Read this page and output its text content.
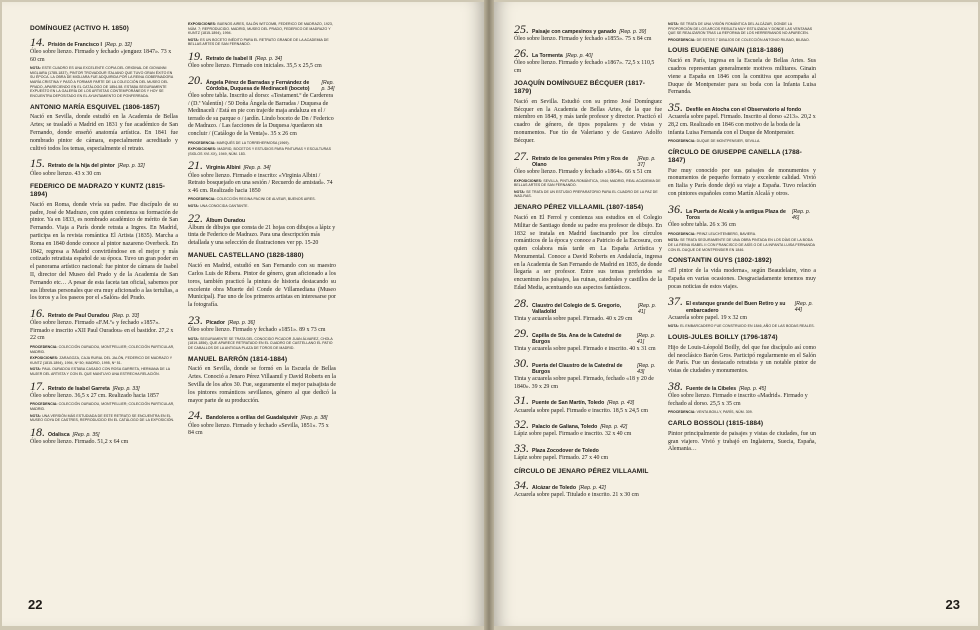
DOMÍNGUEZ (ACTIVO H. 1850)
14. Prisión de Francisco I [Rep. p. 32]
Óleo sobre lienzo. Firmado y fechado «jenguez 1847». 73 x 60 cm
NOTA: ESTE CUADRO ES UNA EXCELENTE COPIA DEL ORIGINAL DE GIOVANNI MIGLIARA (1785-1837), PINTOR TROVADOUR ITALIANO QUE TUVO GRAN ÉXITO EN SU ÉPOCA. LA OBRA DE MIGLIARA FUE ADQUIRIDA POR LA REINA GOBERNADORA MARÍA CRISTINA Y PASÓ A FORMAR PARTE DE LA COLECCIÓN DEL MUSEO DEL PRADO, APARECIENDO EN EL CATÁLOGO DE 1854-58. ESTABA SEGURAMENTE EXPUESTO EN LA GALERÍA DE LOS ARTISTAS CONTEMPORÁNEOS Y HOY SE ENCUENTRA DEPOSITADO EN EL AYUNTAMIENTO DE PONFERRADA.
ANTONIO MARÍA ESQUIVEL (1806-1857)

Nació en Sevilla, donde estudió en la Academia de Bellas Artes; se trasladó a Madrid en 1831 y fue académico de San Fernando, donde enseñó anatomía artística. En 1841 fue nombrado pintor de cámara, especialmente acreditado y cultivó todos los temas, especialmente el retrato.

15. Retrato de la hija del pintor [Rep. p. 32]
Óleo sobre lienzo. 43 x 30 cm
FEDERICO DE MADRAZO Y KUNTZ (1815-1894)

Nació en Roma, donde vivía su padre. Fue discípulo de su padre, José de Madrazo, con quien comienza su formación de pintor. Ya en 1833, es nombrado académico de mérito de San Fernando. Viaja a París donde retrata a Ingres. En Madrid, participa en la revista romántica El Artista (1835). Marcha a Roma en 1840 donde conoce al pintor nazareno Overbeck. En 1842, regresa a Madrid convirtiéndose en el mejor y más cotizado retratista español de su época. Tuvo un gran poder en el panorama artístico nacional: fue pintor de cámara de Isabel II, director del Museo del Prado y de la Academia de San Fernando etc… A pesar de esta faceta tan oficial, sabemos por sus libretas personales que era muy aficionado a las tertulias, a los toros y a los paseos por el «Salón» del Prado.

16. Retrato de Paul Ouradou [Rep. p. 33]
Óleo sobre lienzo. Firmado «F.M.º» y fechado «1857». Firmado e inscrito «XII Paul Ouradou» en el bastidor. 27,2 x 22 cm
PROCEDENCIA: COLECCIÓN OURADOU, MONTPELLIER; COLECCIÓN PARTICULAR, MADRID.
EXPOSICIONES: ZARAGOZA, CAJA RURAL DEL JALÓN, FEDERICO DE MADRAZO Y KUNTZ (1815-1894), 1994, Nº 50; MADRID, 1995, Nº 51.
NOTA: PAUL OURADOU ESTABA CASADO CON ROSA GARRETA, HERMANA DE LA MUJER DEL ARTISTA Y CON EL QUE MANTUVO UNA ESTRECHA RELACIÓN.
17. Retrato de Isabel Garreta [Rep. p. 33]
Óleo sobre lienzo. 36,5 x 27 cm. Realizado hacia 1857
PROCEDENCIA: COLECCIÓN OURADOU, MONTPELLIER; COLECCIÓN PARTICULAR, MADRID.
NOTA: UNA VERSIÓN MÁS ESTUDIADA DE ESTE RETRATO SE ENCUENTRA EN EL MUSEO GOYA DE CASTRES, REPRODUCIDO EN EL CATÁLOGO DE LA EXPOSICIÓN.
18. Odalisca [Rep. p. 35]
Óleo sobre lienzo. Firmado. 51,2 x 64 cm
EXPOSICIONES: BUENOS AIRES, SALÓN WITCOMB, FEDERICO DE MADRAZO, 1923, NÚM. 7; REPRODUCIDO. MADRID, MUSEO DEL PRADO, FEDERICO DE MADRAZO Y KUNTZ (1815-1894), 1994.
NOTA: ES UN BOCETO INÉDITO PARA EL RETRATO GRANDE DE LA ACADEMIA DE BELLAS ARTES DE SAN FERNANDO.
19. Retrato de Isabel II [Rep. p. 34]
Óleo sobre lienzo. Firmado con iniciales. 35,5 x 25,5 cm
20. Ángela Pérez de Barradas y Fernández de Córdoba, Duquesa de Medinaceli (boceto)
[Rep. p. 34]
Óleo sobre tabla. Inscrito al dorso: «Testament.º de Carderera / (D.ª Valentín) / 50 Doña Ángela de Barradas / Duquesa de Medinaceli / Está en pie con traje/de maja andaluza en el / terrado de su parque o / jardín. Lindo boceto de Dn / Federico de Madrazo. / Las facciones de la Duquesa /quedaron sin concluir / (Catálogo de la Venta)». 35 x 26 cm
PROCEDENCIA: MARQUÉS DE LA TORREHERMOSA (1969).
EXPOSICIONES: MADRID, BOCETOS Y ESTUDIOS PARA PINTURAS Y ESCULTURAS (SIGLOS XVI-XX), 1949, NÚM. 183.
21. Virginia Albini [Rep. p. 34]
Óleo sobre lienzo. Firmado e inscrito: «Virginia Albini / Retrato bosquejado en una sesión / Recuerdo de amistad». 74 x 46 cm. Realizado hacia 1850
PROCEDENCIA: COLECCIÓN REGINA PACINI DE ALVEAR, BUENOS AIRES.
NOTA: UNA CONOCIDA CANTANTE.
22. Álbum Ouradou
Álbum de dibujos que consta de 21 hojas con dibujos a lápiz y tinta de Federico de Madrazo. Para una descripción más detallada y una selección de ilustraciones ver pp. 15-20
MANUEL CASTELLANO (1828-1880)

Nació en Madrid, estudió en San Fernando con su maestro Carlos Luis de Ribera. Pintor de género, gran aficionado a los toros, también practicó la pintura de historia destacando su excelente obra Muerte del Conde de Villamediana (Museo Municipal). Fue uno de los primeros artistas en interesarse por la fotografía.

23. Picador [Rep. p. 36]
Óleo sobre lienzo. Firmado y fechado «1851». 89 x 73 cm
NOTA: SEGURAMENTE SE TRATA DEL CONOCIDO PICADOR JUAN ÁLVAREZ, CHOLA (1819-1856), QUE APARECE RETRATADO EN EL CUADRO DE CASTELLANO EL PATIO DE CABALLOS DE LA ANTIGUA PLAZA DE TOROS DE MADRID.
MANUEL BARRÓN (1814-1884)

Nació en Sevilla, donde se formó en la Escuela de Bellas Artes. Conoció a Jenaro Pérez Villaamil y David Roberts en la Sevilla de los años 30. Fue, seguramente el mejor paisajista de los pintores románticos sevillanos, género al que dedicó la mayor parte de su producción.

24. Bandoleros a orillas del Guadalquivir [Rep. p. 38]
Óleo sobre lienzo. Firmado y fechado «Sevilla, 1851». 75 x 84 cm
22
25. Paisaje con campesinos y ganado [Rep. p. 39]
Óleo sobre lienzo. Firmado y fechado «1855». 75 x 84 cm
26. La Tormenta [Rep. p. 40]
Óleo sobre lienzo. Firmado y fechado «1867». 72,5 x 110,5 cm
JOAQUÍN DOMÍNGUEZ BÉCQUER (1817-1879)

Nació en Sevilla. Estudió con su primo José Domínguez Bécquer en la Academia de Bellas Artes, de la que fue miembro en 1848, y más tarde profesor y director. Practicó el cuadro de género, de tipos populares y de vistas y monumentos. Fue tío de Valeriano y de Gustavo Adolfo Bécquer.

27. Retrato de los generales Prim y Ros de Olano
[Rep. p. 37]
Óleo sobre lienzo. Firmado y fechado «1864». 66 x 51 cm
EXPOSICIONES: SEVILLA, PINTURA ROMÁNTICA, 1944; MADRID, REAL ACADEMIA DE BELLAS ARTES DE SAN FERNANDO.
NOTA: SE TRATA DE UN ESTUDIO PREPARATORIO PARA EL CUADRO DE LA PAZ DE WAD-RAS.
JENARO PÉREZ VILLAAMIL (1807-1854)

Nació en El Ferrol y comienza sus estudios en el Colegio Militar de Santiago donde su padre era profesor de dibujo. En 1832 se instala en Madrid fascinando por los círculos románticos de la época y conoce a Patricio de la Escosura, con quien colabora más tarde en La España Artística y Monumental. Conoce a David Roberts en Andalucía, ingresa en la Academia de San Fernando de Madrid en 1835, de donde llegaría a ser profesor. Entre sus temas preferidos se encuentran los paisajes, las ruinas, catedrales y castillos de la Edad Media, acentuando sus aspectos fantásticos.

28. Claustro del Colegio de S. Gregorio, Valladolid
[Rep. p. 41]
Tinta y acuarela sobre papel. Firmado. 40 x 29 cm
29. Capilla de Sta. Ana de la Catedral de Burgos
[Rep. p. 41]
Tinta y acuarela sobre papel. Firmado e inscrito. 40 x 31 cm
30. Puerta del Claustro de la Catedral de Burgos
[Rep. p. 43]
Tinta y acuarela sobre papel. Firmado, fechado «18 y 20 de 1840». 39 x 29 cm
31. Puente de San Martín, Toledo [Rep. p. 43]
Acuarela sobre papel. Firmado e inscrito. 18,5 x 24,5 cm
32. Palacio de Galiana, Toledo [Rep. p. 42]
Lápiz sobre papel. Firmado e inscrito. 32 x 40 cm
33. Plaza Zocodover de Toledo
Lápiz sobre papel. Firmado. 27 x 40 cm
CÍRCULO DE JENARO PÉREZ VILLAAMIL
34. Alcázar de Toledo [Rep. p. 42]
Acuarela sobre papel. Titulado e inscrito. 21 x 30 cm
NOTA: SE TRATA DE UNA VISIÓN ROMÁNTICA DEL ALCÁZAR, DONDE LA PROPORCIÓN DE LOS ARCOS RESULTA MUY ESTILIZADA Y DONDE LAS VENTANAS QUE SE REALIZARON TRAS LA REFORMA DE LOS HERRERIANOS NO APARECEN.
PROCEDENCIA: DE ESTOS 7 DIBUJOS DE COLECCIÓN ANTONIO RILBAO, BILBAO.
LOUIS EUGENE GINAIN (1818-1886)

Nació en París, ingresa en la Escuela de Bellas Artes. Sus cuadros representan generalmente motivos militares. Ginain viene a España en 1846 con la comitiva que acompaña al Duque de Montpensier para su boda con la Infanta Luisa Fernanda.

35. Desfile en Atocha con el Observatorio al fondo
Acuarela sobre papel. Firmado. Inscrito al dorso «213». 20,2 x 28,2 cm. Realizado en 1846 con motivo de la boda de la infanta Luisa Fernanda con el Duque de Montpensier.
PROCEDENCIA: DUQUE DE MONTPENSIER, SEVILLA.
CÍRCULO DE GIUSEPPE CANELLA (1788-1847)

Fue muy conocido por sus paisajes de monumentos y monumentos de pequeño formato y excelente calidad. Vivió en Italia y París donde dejó su viaje a España. Tuvo relación con pintores españoles como Martín Alcalá y otros.

36. La Puerta de Alcalá y la antigua Plaza de Toros
[Rep. p. 46]
Óleo sobre tabla. 26 x 36 cm
PROCEDENCIA: PRINZ LEUCHTENBERG, BAVIERA.
NOTA: SE TRATA SEGURAMENTE DE UNA OBRA PINTADA EN LOS DÍAS DE LA BODA DE LA REINA ISABEL II CON FRANCISCO DE ASÍS O DE LA INFANTA LUISA FERNANDA CON EL DUQUE DE MONTPENSIER EN 1846.
CONSTANTIN GUYS (1802-1892)

«El pintor de la vida moderna», según Beaudelaire, vino a España en varias ocasiones. Desgraciadamente tenemos muy pocas noticias de estos viajes.

37. El estanque grande del Buen Retiro y su embarcadero
[Rep. p. 44]
Acuarela sobre papel. 19 x 32 cm
NOTA: EL EMBARCADERO FUE CONSTRUIDO EN 1846, AÑO DE LAS BODAS REALES.
LOUIS-JULES BOILLY (1796-1874)

Hijo de Louis-Léopold Boilly, del que fue discípulo así como del neoclásico Barón Gros. Participó regularmente en el Salón de París. Fue un destacado retratista y un notable pintor de vistas de ciudades y monumentos.

38. Fuente de la Cibeles [Rep. p. 45]
Óleo sobre lienzo. Firmado e inscrito «Madrid». Firmado y fechado al dorso. 25,5 x 35 cm
PROCEDENCIA: VENTA BOILLY, PARÍS, NÚM. 309.
CARLO BOSSOLI (1815-1884)

Pintor principalmente de paisajes y vistas de ciudades, fue un gran viajero. Vivió y trabajó en Inglaterra, Suecia, España, Alemania…

23
